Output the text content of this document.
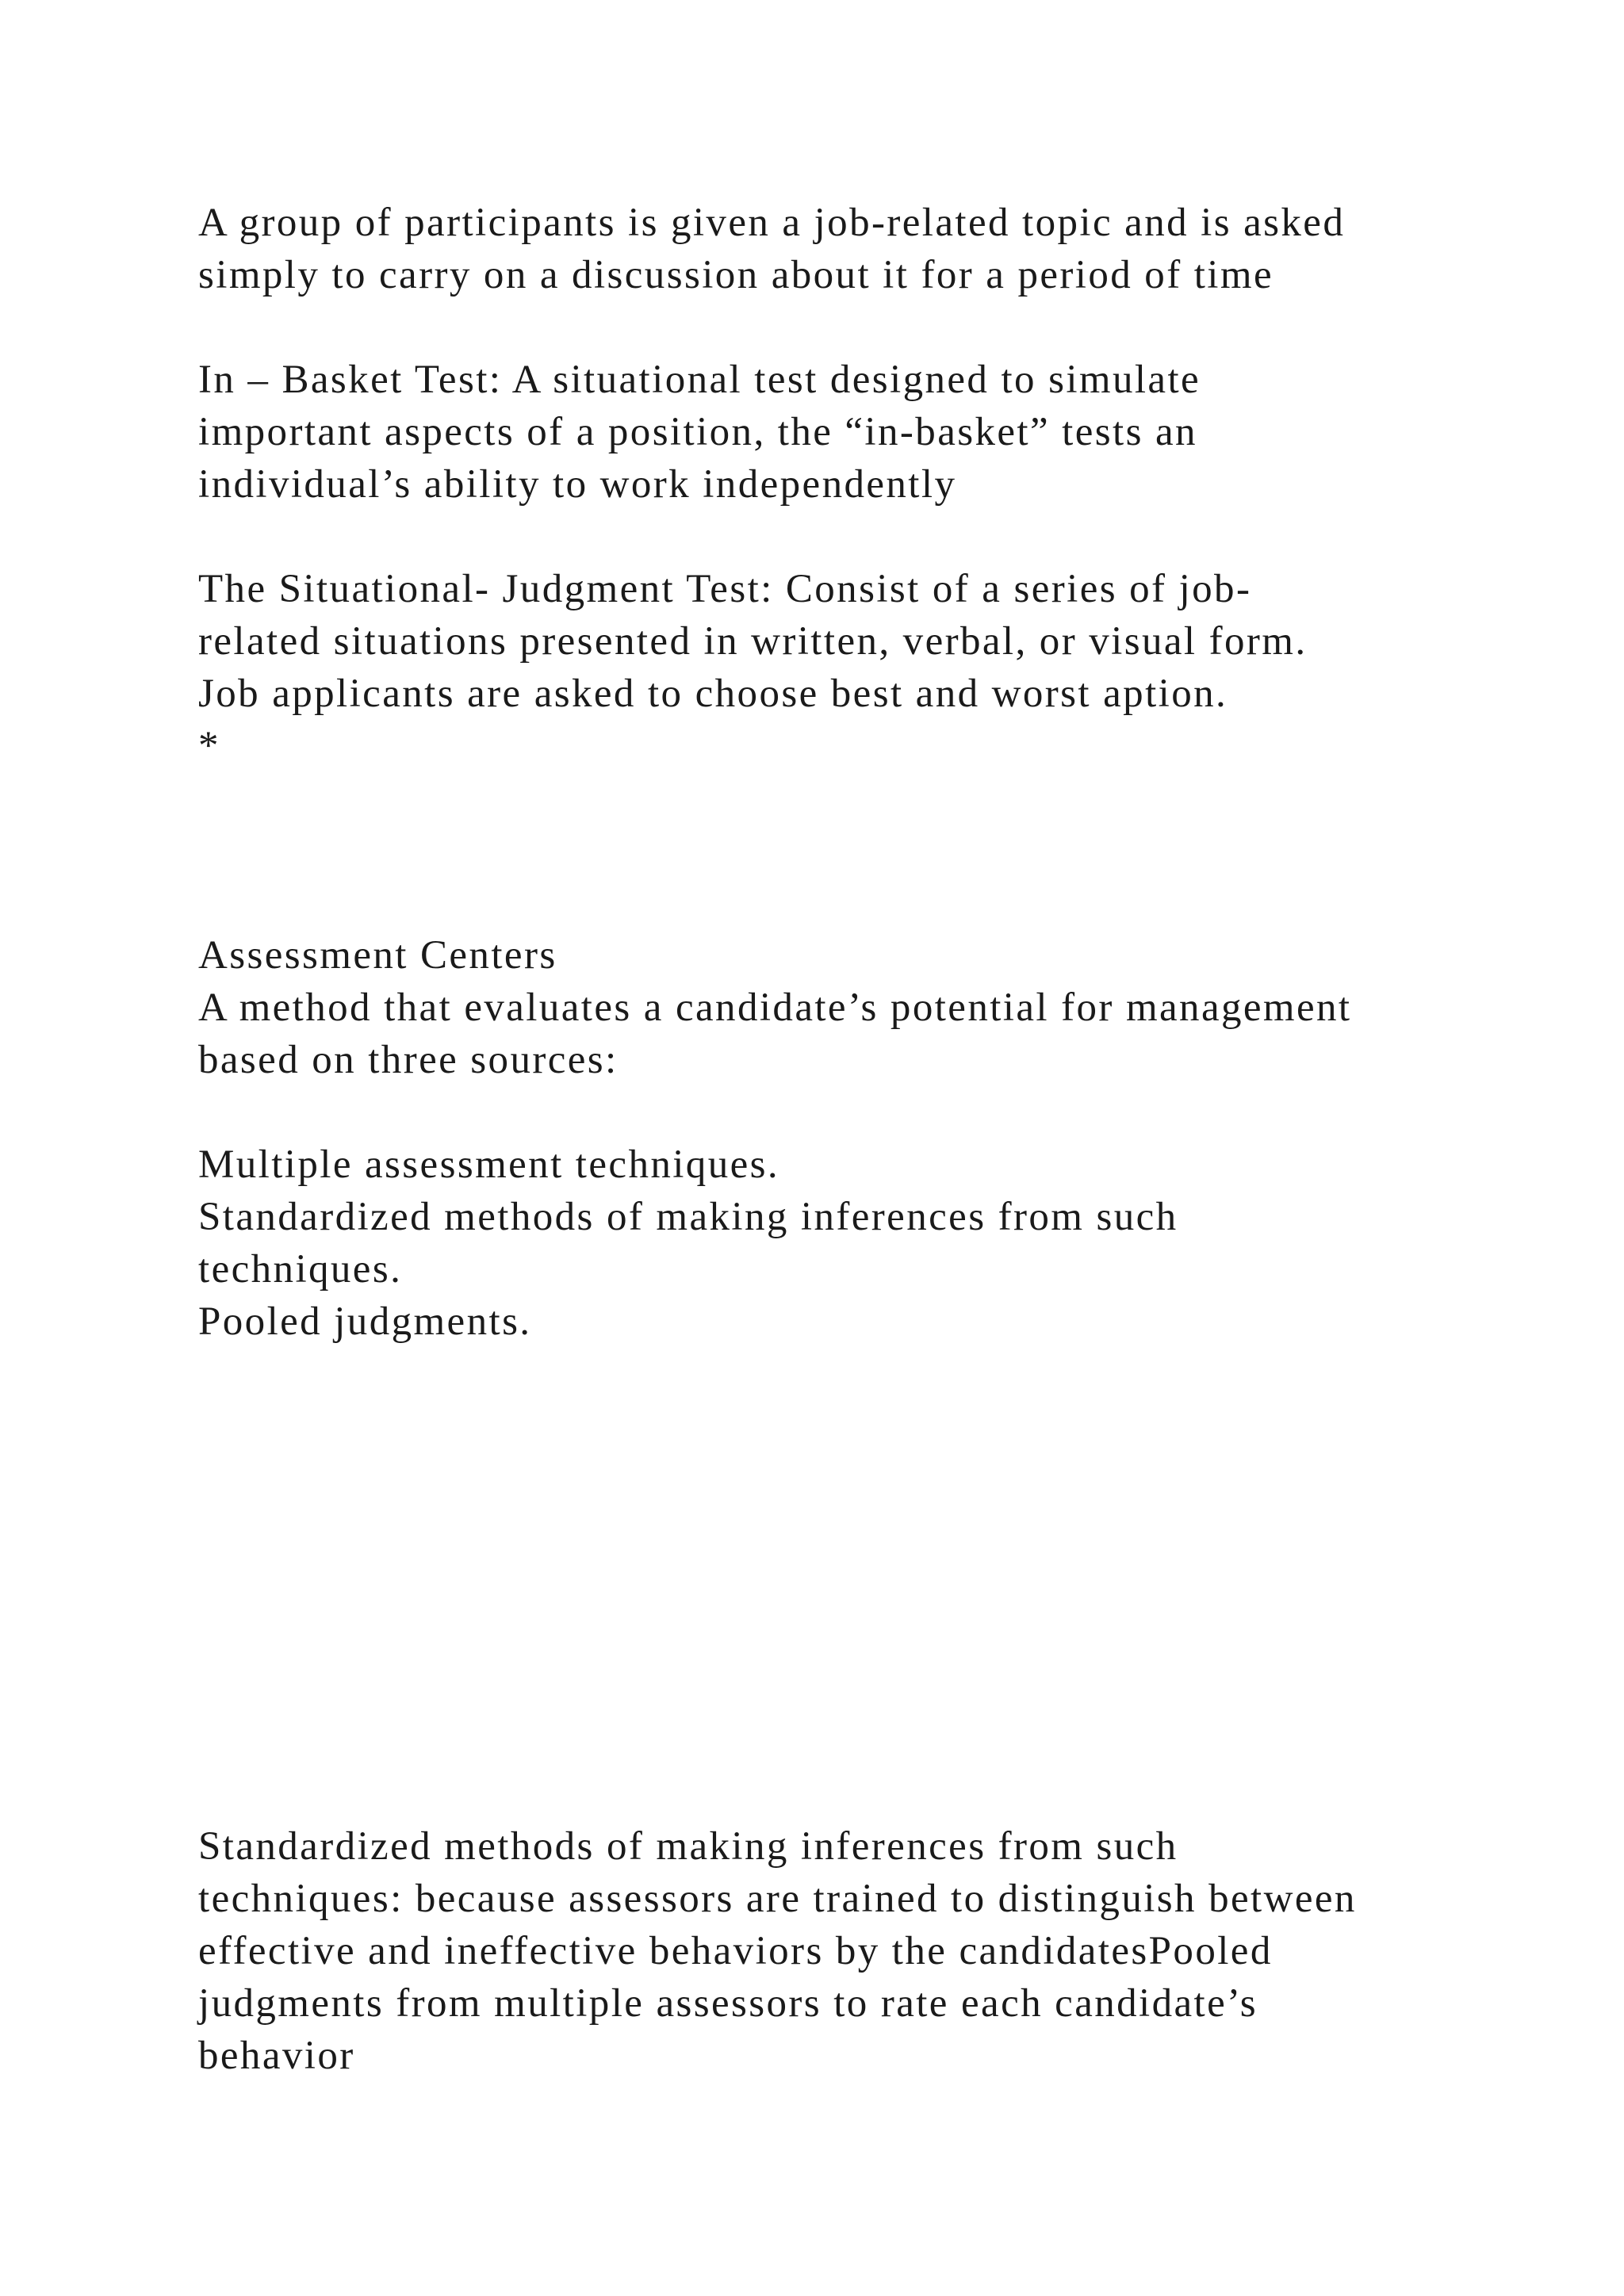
A group of participants is given a job-related topic and is asked

simply to carry on a discussion about it for a period of time

In – Basket Test: A situational test designed to simulate

important aspects of a position, the “in-basket” tests an

individual’s ability to work independently

The Situational- Judgment Test: Consist of a series of job-

related situations presented in written, verbal, or visual form.

Job applicants are asked to choose best and worst aption.

*

Assessment Centers

A method that evaluates a candidate’s potential for management

based on three sources:

Multiple assessment techniques.

Standardized methods of making inferences from such

techniques.

Pooled judgments.

Standardized methods of making inferences from such

techniques: because assessors are trained to distinguish between

effective and ineffective behaviors by the candidatesPooled

judgments from multiple assessors to rate each candidate’s

behavior
